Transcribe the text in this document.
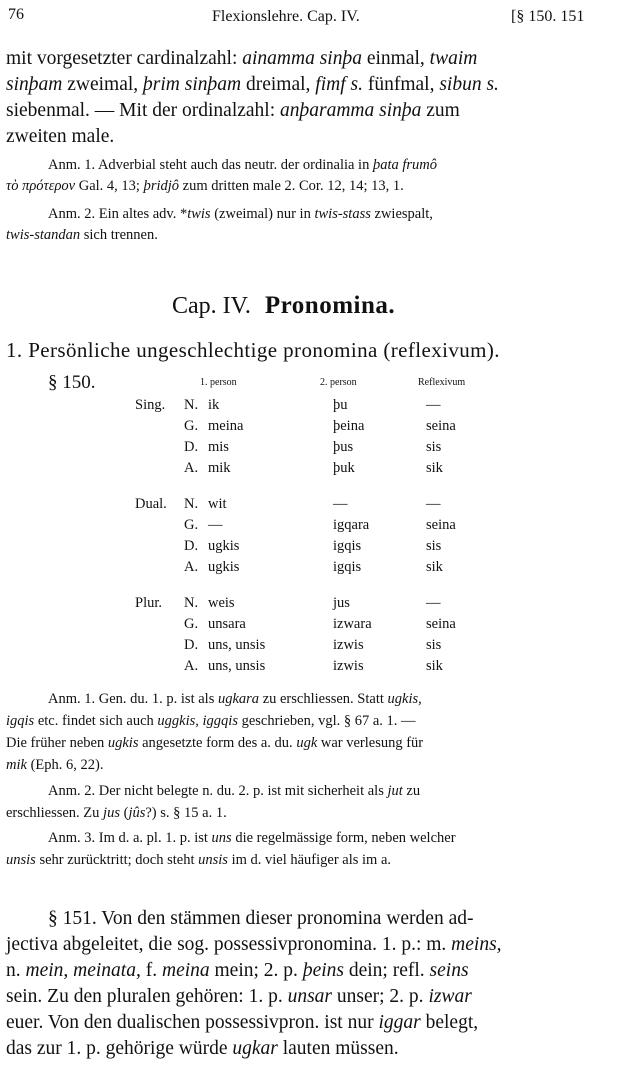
76	Flexionslehre. Cap. IV.	[§ 150. 151
mit vorgesetzter cardinalzahl: ainamma sinþa einmal, twaim
sinþam zweimal, þrim sinþam dreimal, fimf s. fünfmal, sibun s.
siebenmal. — Mit der ordinalzahl: anþaramma sinþa zum
zweiten male.
Anm. 1. Adverbial steht auch das neutr. der ordinalia in þata frumô
τὸ πρότερον Gal. 4, 13; þridjô zum dritten male 2. Cor. 12, 14; 13, 1.
Anm. 2. Ein altes adv. *twis (zweimal) nur in twis-stass zwiespalt,
twis-standan sich trennen.
Cap. IV. Pronomina.
1. Persönliche ungeschlechtige pronomina (reflexivum).
§ 150.	1. person	2. person	Reflexivum
Sing. N. ik	þu	—
G. meina	þeina	seina
D. mis	þus	sis
A. mik	þuk	sik
Dual. N. wit	—	—
G. —	igqara	seina
D. ugkis	igqis	sis
A. ugkis	igqis	sik
Plur. N. weis	jus	—
G. unsara	izwara	seina
D. uns, unsis	izwis	sis
A. uns, unsis	izwis	sik
Anm. 1. Gen. du. 1. p. ist als ugkara zu erschliessen. Statt ugkis,
igqis etc. findet sich auch uggkis, iggqis geschrieben, vgl. § 67 a. 1. —
Die früher neben ugkis angesetzte form des a. du. ugk war verlesung für
mik (Eph. 6, 22).
Anm. 2. Der nicht belegte n. du. 2. p. ist mit sicherheit als jut zu
erschliessen. Zu jus (jûs?) s. § 15 a. 1.
Anm. 3. Im d. a. pl. 1. p. ist uns die regelmässige form, neben welcher
unsis sehr zurücktritt; doch steht unsis im d. viel häufiger als im a.
§ 151. Von den stämmen dieser pronomina werden ad-
jectiva abgeleitet, die sog. possessivpronomina. 1. p.: m. meins,
n. mein, meinata, f. meina mein; 2. p. þeins dein; refl. seins
sein. Zu den pluralen gehören: 1. p. unsar unser; 2. p. izwar
euer. Von den dualischen possessivpron. ist nur iggar belegt,
das zur 1. p. gehörige würde ugkar lauten müssen.
